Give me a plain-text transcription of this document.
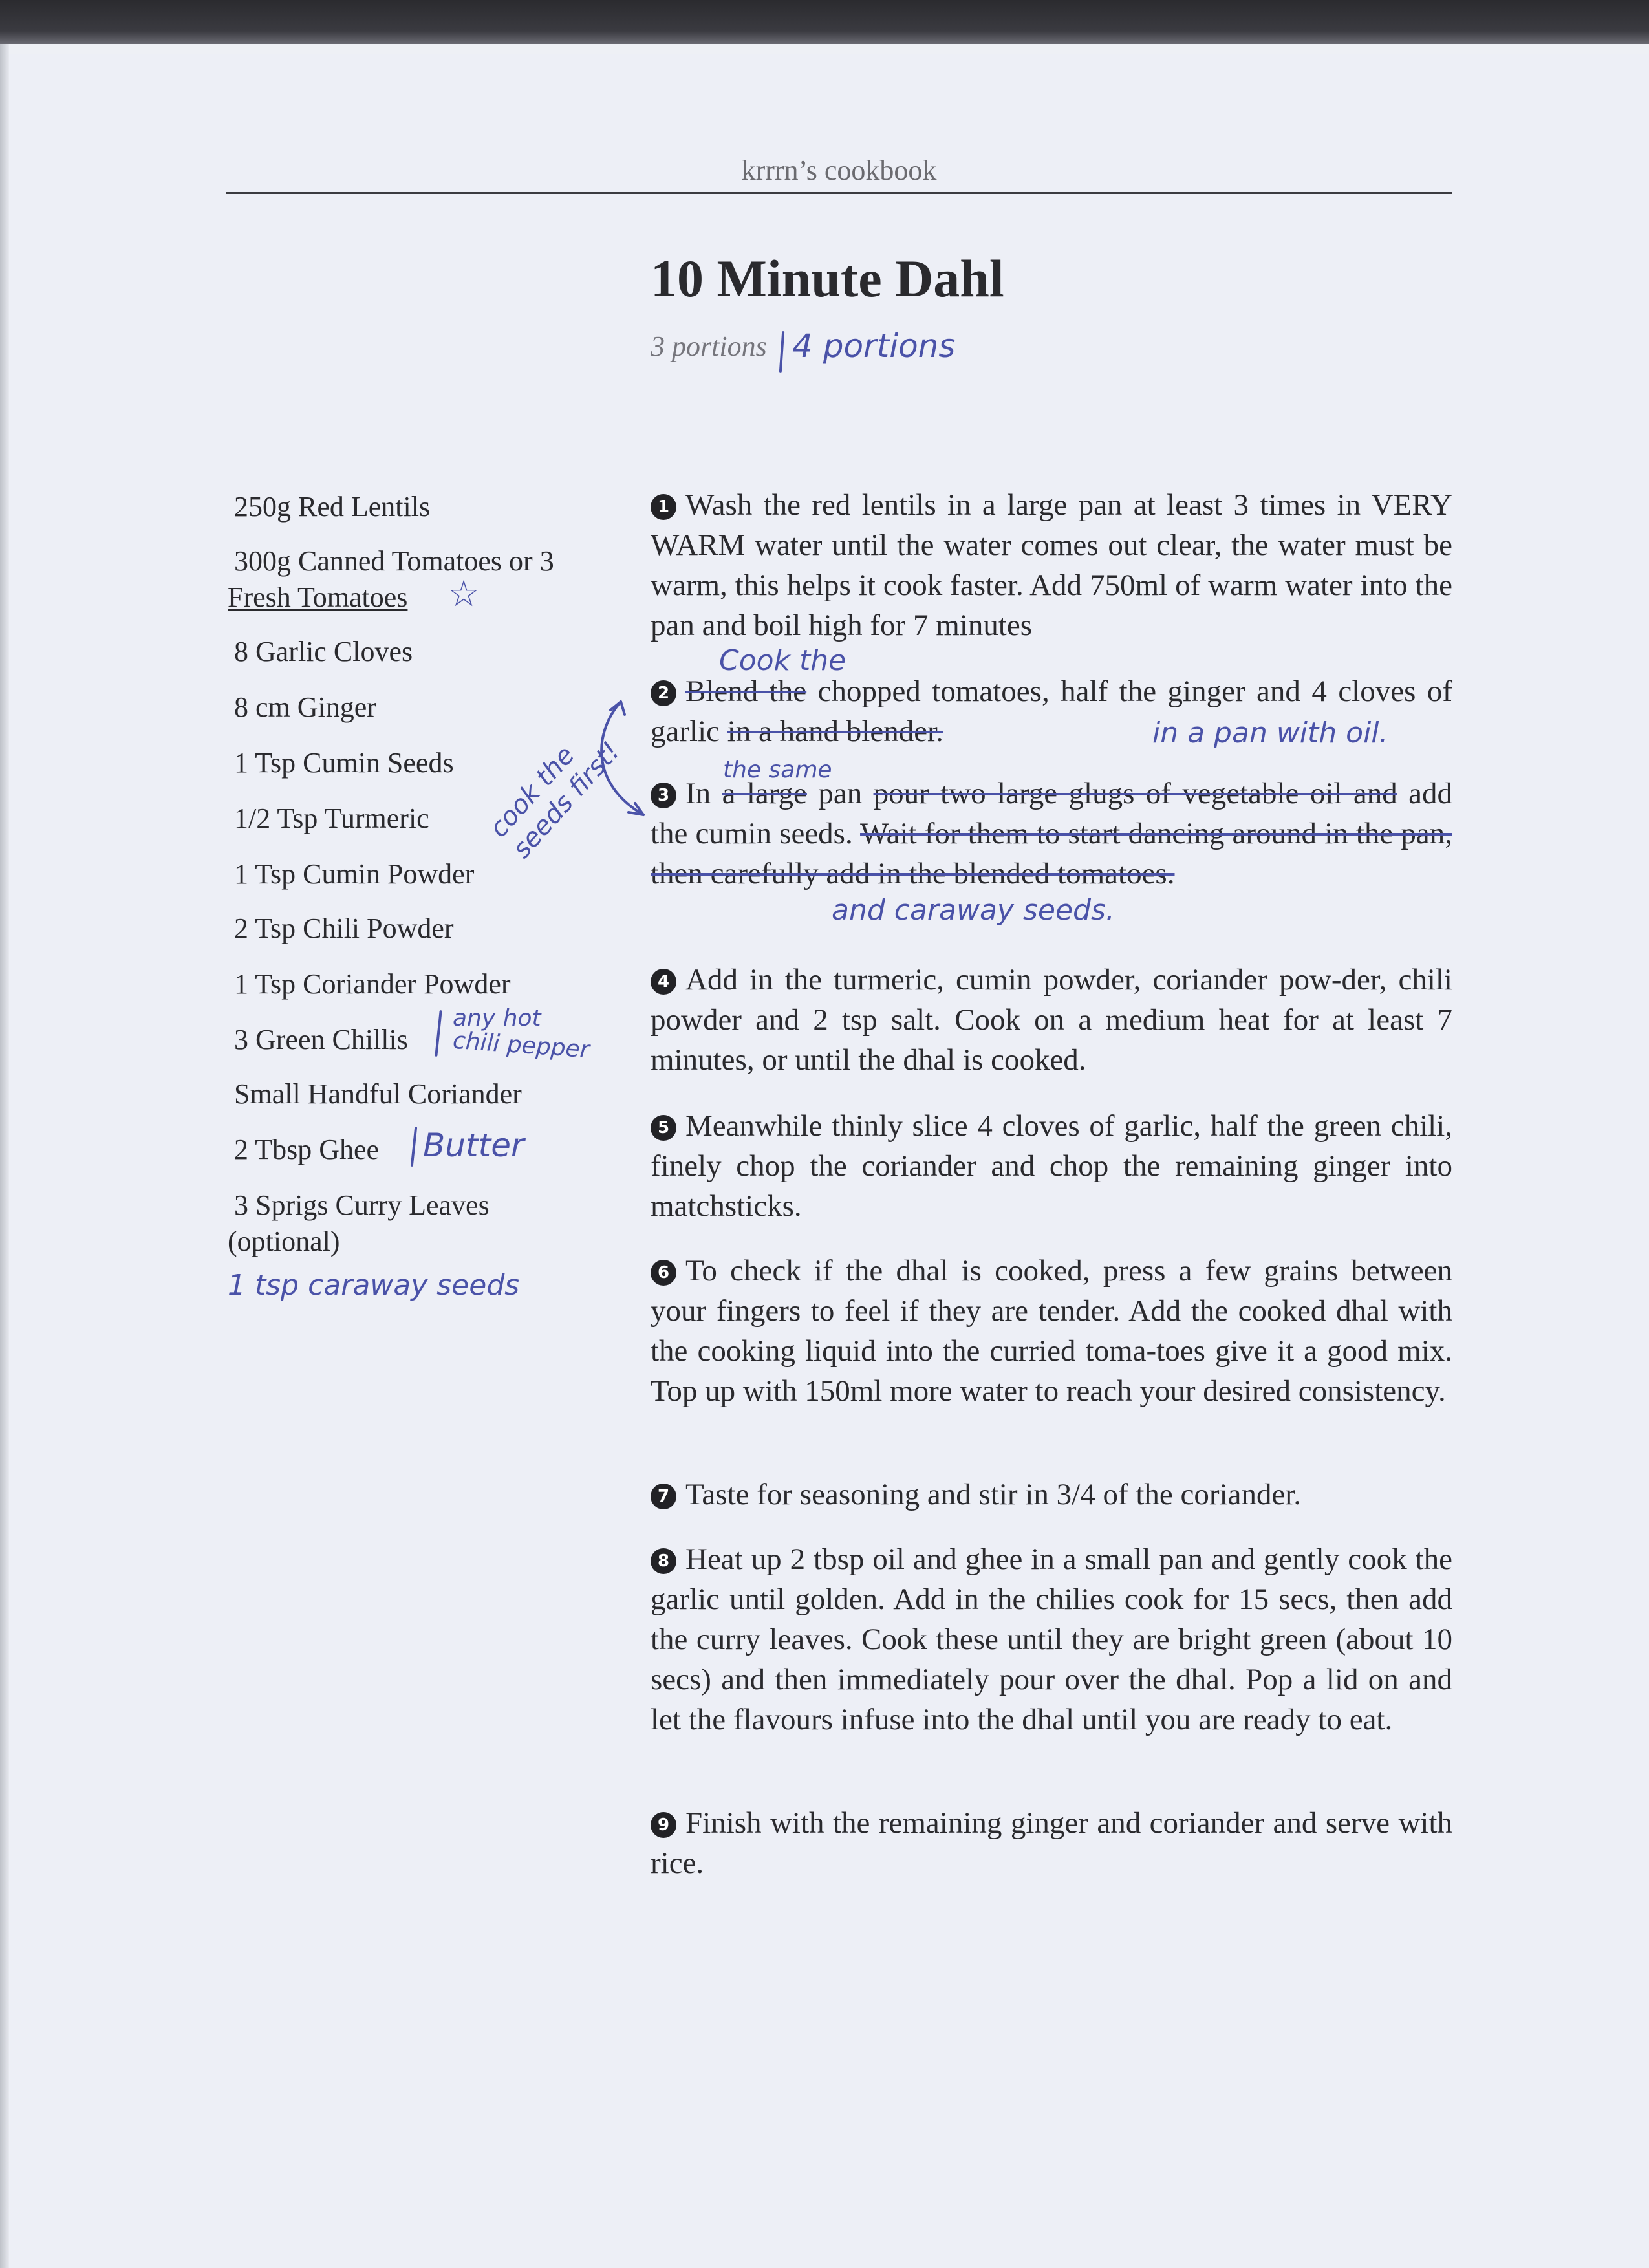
krrrn’s cookbook
10 Minute Dahl
3 portions 4 portions
250g Red Lentils
300g Canned Tomatoes or 3
Fresh Tomatoes
8 Garlic Cloves
8 cm Ginger
1 Tsp Cumin Seeds
1/2 Tsp Turmeric
1 Tsp Cumin Powder
2 Tsp Chili Powder
1 Tsp Coriander Powder
3 Green Chillis
Small Handful Coriander
2 Tbsp Ghee
3 Sprigs Curry Leaves
(optional)
☆
Butter
any hot
chili pepper
1 tsp caraway seeds
cook the seeds first!
1 Wash the red lentils in a large pan at least 3 times in VERY WARM water until the water comes out clear, the water must be warm, this helps it cook faster. Add 750ml of warm water into the pan and boil high for 7 minutes
2 Blend the chopped tomatoes, half the ginger and 4 cloves of garlic in a hand blender.
3 In a large pan pour two large glugs of vegetable oil and add the cumin seeds. Wait for them to start dancing around in the pan, then carefully add in the blended tomatoes.
4 Add in the turmeric, cumin powder, coriander pow-der, chili powder and 2 tsp salt. Cook on a medium heat for at least 7 minutes, or until the dhal is cooked.
5 Meanwhile thinly slice 4 cloves of garlic, half the green chili, finely chop the coriander and chop the remaining ginger into matchsticks.
6 To check if the dhal is cooked, press a few grains between your fingers to feel if they are tender. Add the cooked dhal with the cooking liquid into the curried toma-toes give it a good mix. Top up with 150ml more water to reach your desired consistency.
7 Taste for seasoning and stir in 3/4 of the coriander.
8 Heat up 2 tbsp oil and ghee in a small pan and gently cook the garlic until golden. Add in the chilies cook for 15 secs, then add the curry leaves. Cook these until they are bright green (about 10 secs) and then immediately pour over the dhal. Pop a lid on and let the flavours infuse into the dhal until you are ready to eat.
9 Finish with the remaining ginger and coriander and serve with rice.
Cook the
in a pan with oil.
the same
and caraway seeds.
